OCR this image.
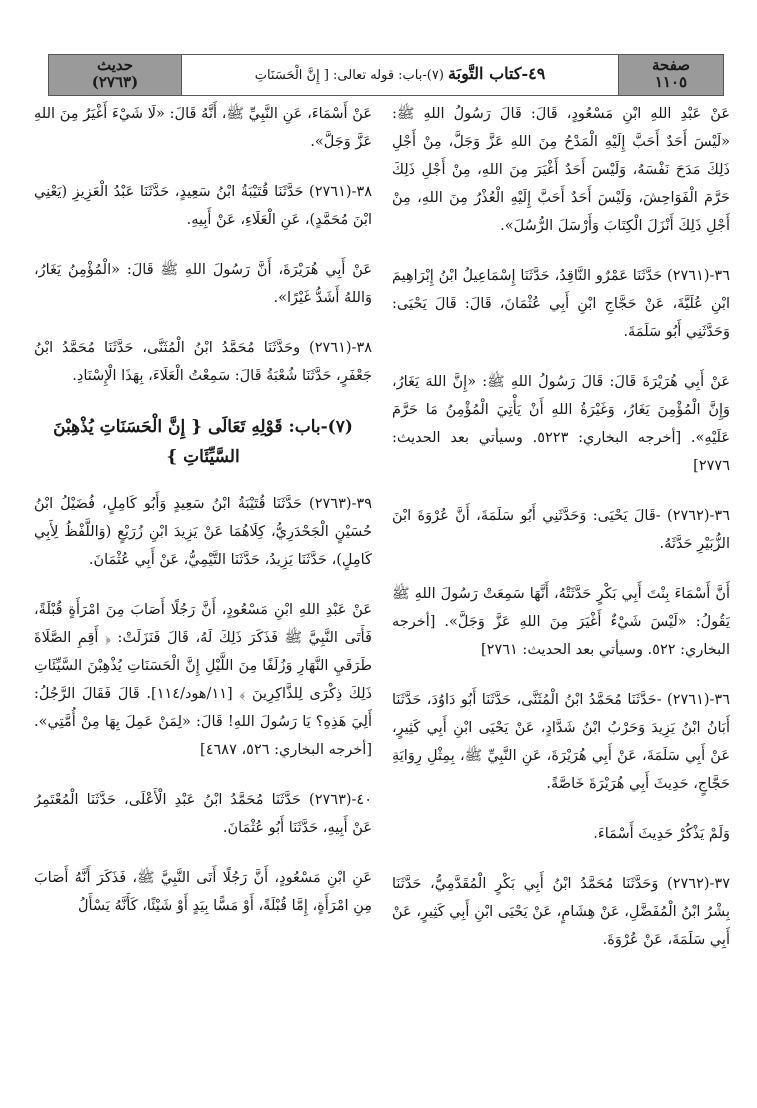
صفحة
١١٠٥
٤٩-كتاب التَّوبَة (٧)-باب: قوله تعالى: [ إِنَّ الْحَسَنَاتِ
حديث
(٢٧٦٣)

عَنْ عَبْدِ اللهِ ابْنِ مَسْعُودٍ، قَالَ: قَالَ رَسُولُ اللهِ ﷺ: «لَيْسَ أَحَدٌ أَحَبَّ إِلَيْهِ الْمَدْحُ مِنَ اللهِ عَزَّ وَجَلَّ، مِنْ أَجْلِ ذَلِكَ مَدَحَ نَفْسَهُ، وَلَيْسَ أَحَدٌ أَغْيَرَ مِنَ اللهِ، مِنْ أَجْلِ ذَلِكَ حَرَّمَ الْفَوَاحِشَ، وَلَيْسَ أَحَدٌ أَحَبَّ إِلَيْهِ الْعُذْرُ مِنَ اللهِ، مِنْ أَجْلِ ذَلِكَ أَنْزَلَ الْكِتَابَ وَأَرْسَلَ الرُّسُلَ».

٣٦-(٢٧٦١) حَدَّثَنَا عَمْرٌو النَّاقِدُ، حَدَّثَنَا إِسْمَاعِيلُ ابْنُ إِبْرَاهِيمَ ابْنِ عُلَيَّةَ، عَنْ حَجَّاجِ ابْنِ أَبِي عُثْمَانَ، قَالَ: قَالَ يَحْيَى: وَحَدَّثَنِي أَبُو سَلَمَةَ.

عَنْ أَبِي هُرَيْرَةَ قَالَ: قَالَ رَسُولُ اللهِ ﷺ: «إِنَّ اللهَ يَغَارُ، وَإِنَّ الْمُؤْمِنَ يَغَارُ، وَغَيْرَةُ اللهِ أَنْ يَأْتِيَ الْمُؤْمِنُ مَا حَرَّمَ عَلَيْهِ». [أخرجه البخاري: ٥٢٢٣. وسيأتي بعد الحديث: ٢٧٧٦]

٣٦-(٢٧٦٢) -قَالَ يَحْيَى: وَحَدَّثَنِي أَبُو سَلَمَةَ، أَنَّ عُرْوَةَ ابْنَ الزُّبَيْرِ حَدَّثَهُ.

أَنَّ أَسْمَاءَ بِنْتَ أَبِي بَكْرٍ حَدَّثَتْهُ، أَنَّهَا سَمِعَتْ رَسُولَ اللهِ ﷺ يَقُولُ: «لَيْسَ شَيْءٌ أَغْيَرَ مِنَ اللهِ عَزَّ وَجَلَّ». [أخرجه البخاري: ٥٢٢. وسيأتي بعد الحديث: ٢٧٦١]

٣٦-(٢٧٦١) -حَدَّثَنَا مُحَمَّدُ ابْنُ الْمُثَنَّى، حَدَّثَنَا أَبُو دَاوُدَ، حَدَّثَنَا أَبَانُ ابْنُ يَزِيدَ وَحَرْبُ ابْنُ شَدَّادٍ، عَنْ يَحْيَى ابْنِ أَبِي كَثِيرٍ، عَنْ أَبِي سَلَمَةَ، عَنْ أَبِي هُرَيْرَةَ، عَنِ النَّبِيِّ ﷺ، بِمِثْلِ رِوَايَةِ حَجَّاجٍ، حَدِيثَ أَبِي هُرَيْرَةَ خَاصَّةً.

وَلَمْ يَذْكُرْ حَدِيثَ أَسْمَاءَ.

٣٧-(٢٧٦٢) وَحَدَّثَنَا مُحَمَّدُ ابْنُ أَبِي بَكْرٍ الْمُقَدَّمِيُّ، حَدَّثَنَا بِشْرُ ابْنُ الْمُفَضَّلِ، عَنْ هِشَامٍ، عَنْ يَحْيَى ابْنِ أَبِي كَثِيرٍ، عَنْ أَبِي سَلَمَةَ، عَنْ عُرْوَةَ.

عَنْ أَسْمَاءَ، عَنِ النَّبِيِّ ﷺ، أَنَّهُ قَالَ: «لَا شَيْءَ أَغْيَرُ مِنَ اللهِ عَزَّ وَجَلَّ».

٣٨-(٢٧٦١) حَدَّثَنَا قُتَيْبَةُ ابْنُ سَعِيدٍ، حَدَّثَنَا عَبْدُ الْعَزِيزِ (يَعْنِي ابْنَ مُحَمَّدٍ)، عَنِ الْعَلَاءِ، عَنْ أَبِيهِ.

عَنْ أَبِي هُرَيْرَةَ، أَنَّ رَسُولَ اللهِ ﷺ قَالَ: «الْمُؤْمِنُ يَغَارُ، وَاللهُ أَشَدُّ غَيْرًا».

٣٨-(٢٧٦١) وحَدَّثَنَا مُحَمَّدُ ابْنُ الْمُثَنَّى، حَدَّثَنَا مُحَمَّدُ ابْنُ جَعْفَرٍ، حَدَّثَنَا شُعْبَةُ قَالَ: سَمِعْتُ الْعَلَاءَ، بِهَذَا الْإِسْنَادِ.

(٧)-باب: قَوْلِهِ تَعَالَى { إِنَّ الْحَسَنَاتِ يُذْهِبْنَ السَّيِّئَاتِ }

٣٩-(٢٧٦٣) حَدَّثَنَا قُتَيْبَةُ ابْنُ سَعِيدٍ وَأَبُو كَامِلٍ، فُضَيْلُ ابْنُ حُسَيْنٍ الْجَحْدَرِيُّ، كِلَاهُمَا عَنْ يَزِيدَ ابْنِ زُرَيْعٍ (وَاللَّفْظُ لِأَبِي كَامِلٍ)، حَدَّثَنَا يَزِيدُ، حَدَّثَنَا التَّيْمِيُّ، عَنْ أَبِي عُثْمَانَ.

عَنْ عَبْدِ اللهِ ابْنِ مَسْعُودٍ، أَنَّ رَجُلًا أَصَابَ مِنَ امْرَأَةٍ قُبْلَةً، فَأَتَى النَّبِيَّ ﷺ فَذَكَرَ ذَلِكَ لَهُ، قَالَ فَنَزَلَتْ: ﴿ أَقِمِ الصَّلَاةَ طَرَفَيِ النَّهَارِ وَزُلَفًا مِنَ اللَّيْلِ إِنَّ الْحَسَنَاتِ يُذْهِبْنَ السَّيِّئَاتِ ذَلِكَ ذِكْرَى لِلذَّاكِرِينَ ﴾ [١١/هود/١١٤]. قَالَ فَقَالَ الرَّجُلُ: أَلِيَ هَذِهِ؟ يَا رَسُولَ اللهِ! قَالَ: «لِمَنْ عَمِلَ بِهَا مِنْ أُمَّتِي». [أخرجه البخاري: ٥٢٦، ٤٦٨٧]

٤٠-(٢٧٦٣) حَدَّثَنَا مُحَمَّدُ ابْنُ عَبْدِ الْأَعْلَى، حَدَّثَنَا الْمُعْتَمِرُ عَنْ أَبِيهِ، حَدَّثَنَا أَبُو عُثْمَانَ.

عَنِ ابْنِ مَسْعُودٍ، أَنَّ رَجُلًا أَتَى النَّبِيَّ ﷺ، فَذَكَرَ أَنَّهُ أَصَابَ مِنِ امْرَأَةٍ، إِمَّا قُبْلَةً، أَوْ مَسًّا بِيَدٍ أَوْ شَيْئًا، كَأَنَّهُ يَسْأَلُ
